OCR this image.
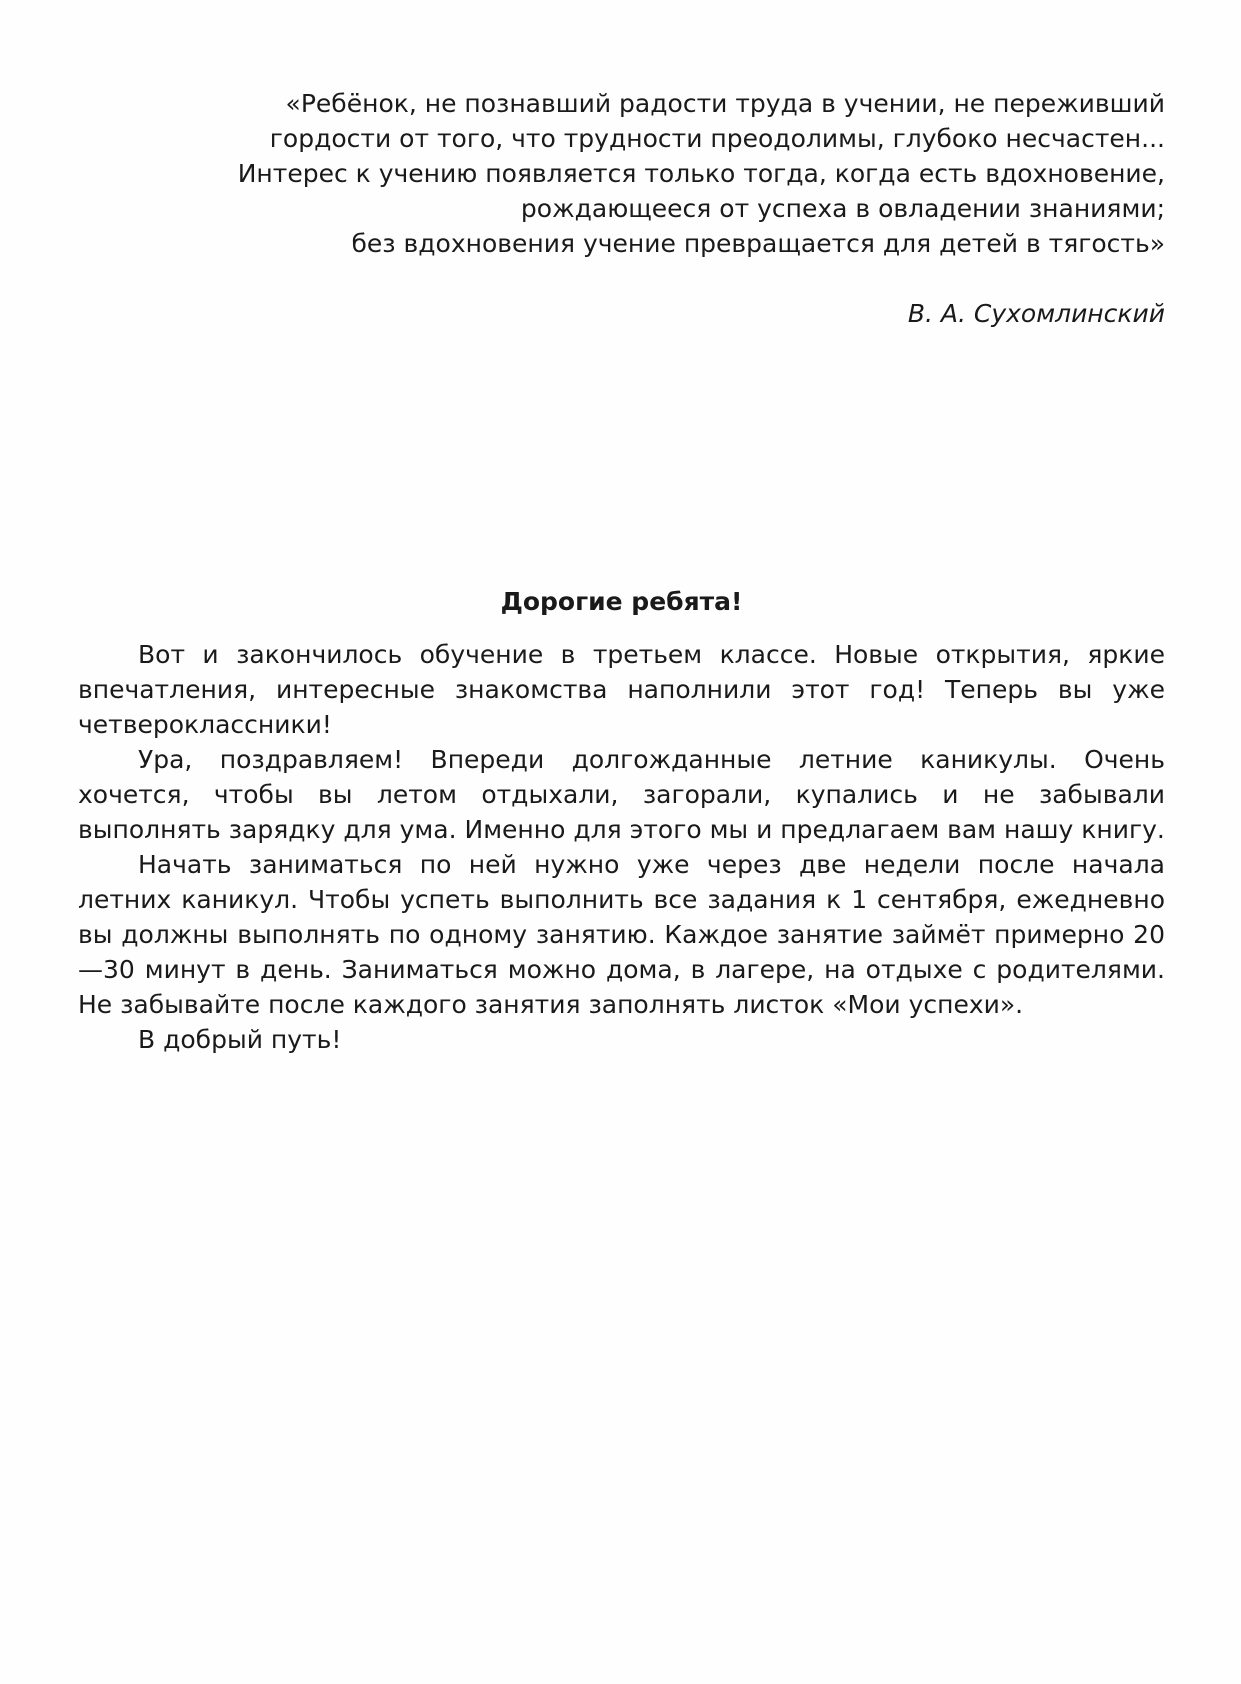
«Ребёнок, не познавший радости труда в учении, не переживший
гордости от того, что трудности преодолимы, глубоко несчастен...
Интерес к учению появляется только тогда, когда есть вдохновение,
рождающееся от успеха в овладении знаниями;
без вдохновения учение превращается для детей в тягость»
В. А. Сухомлинский
Дорогие ребята!

Вот и закончилось обучение в третьем классе. Новые открытия, яркие впечатления, интересные знакомства наполнили этот год! Теперь вы уже четвероклассники!

Ура, поздравляем! Впереди долгожданные летние каникулы. Очень хочется, чтобы вы летом отдыхали, загорали, купались и не забывали выполнять зарядку для ума. Именно для этого мы и предлагаем вам нашу книгу.

Начать заниматься по ней нужно уже через две недели после начала летних каникул. Чтобы успеть выполнить все задания к 1 сентября, ежедневно вы должны выполнять по одному занятию. Каждое занятие займёт примерно 20—30 минут в день. Заниматься можно дома, в лагере, на отдыхе с родителями. Не забывайте после каждого занятия заполнять листок «Мои успехи».

В добрый путь!
